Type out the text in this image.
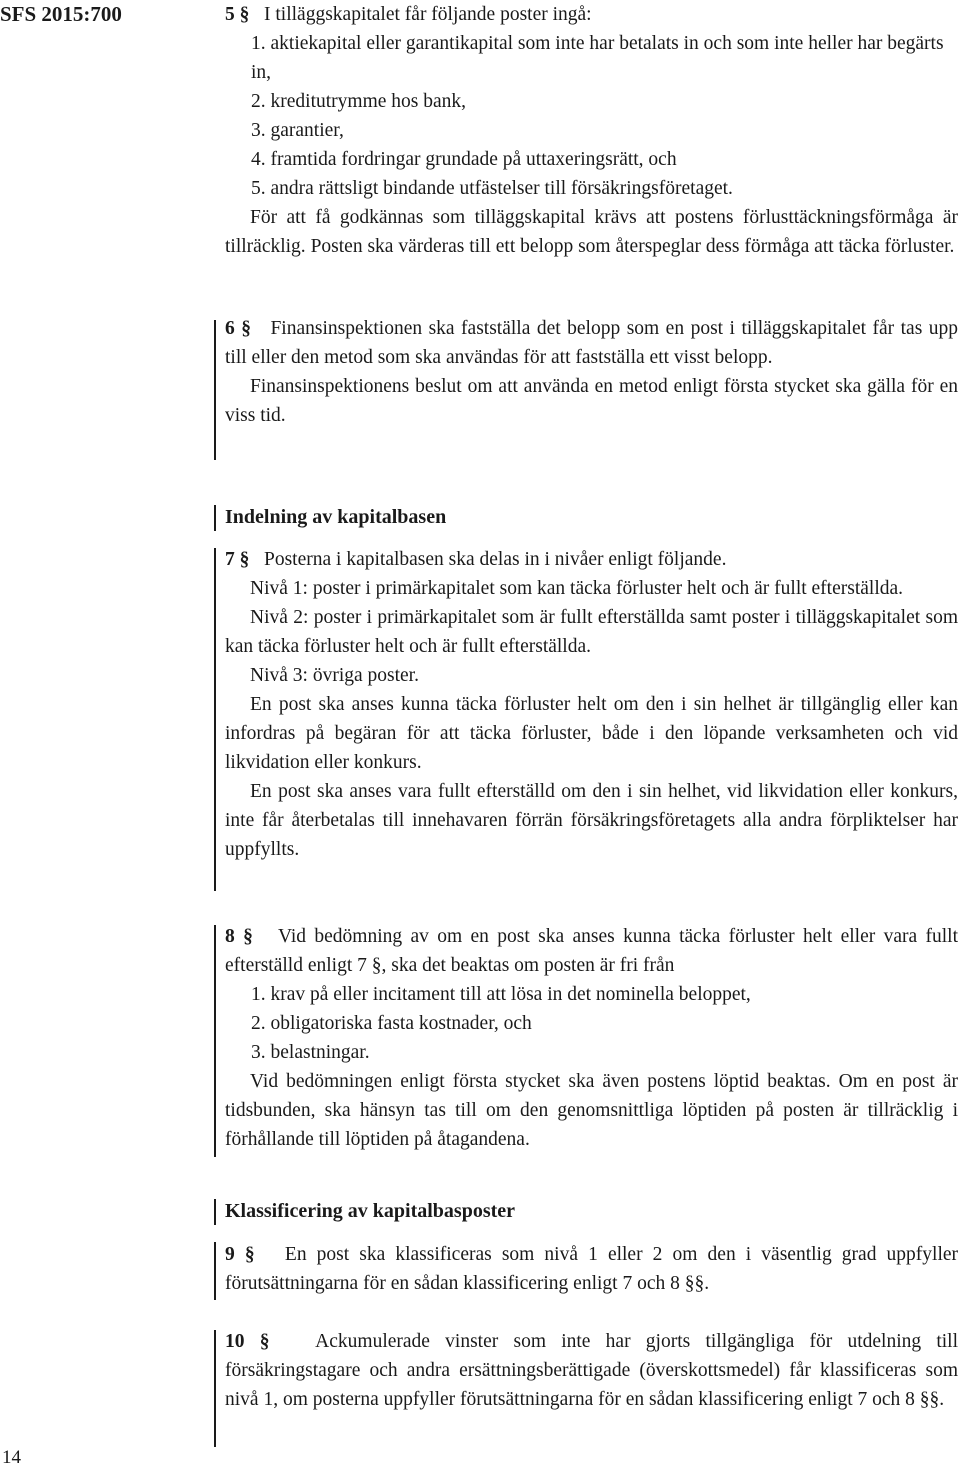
SFS 2015:700
14

5 § I tilläggskapitalet får följande poster ingå:

1. aktiekapital eller garantikapital som inte har betalats in och som inte heller har begärts in,

2. kreditutrymme hos bank,

3. garantier,

4. framtida fordringar grundade på uttaxeringsrätt, och

5. andra rättsligt bindande utfästelser till försäkringsföretaget.

För att få godkännas som tilläggskapital krävs att postens förlusttäckningsförmåga är tillräcklig. Posten ska värderas till ett belopp som återspeglar dess förmåga att täcka förluster.

6 § Finansinspektionen ska fastställa det belopp som en post i tilläggskapitalet får tas upp till eller den metod som ska användas för att fastställa ett visst belopp.

Finansinspektionens beslut om att använda en metod enligt första stycket ska gälla för en viss tid.

Indelning av kapitalbasen

7 § Posterna i kapitalbasen ska delas in i nivåer enligt följande.

Nivå 1: poster i primärkapitalet som kan täcka förluster helt och är fullt efterställda.

Nivå 2: poster i primärkapitalet som är fullt efterställda samt poster i tilläggskapitalet som kan täcka förluster helt och är fullt efterställda.

Nivå 3: övriga poster.

En post ska anses kunna täcka förluster helt om den i sin helhet är tillgänglig eller kan infordras på begäran för att täcka förluster, både i den löpande verksamheten och vid likvidation eller konkurs.

En post ska anses vara fullt efterställd om den i sin helhet, vid likvidation eller konkurs, inte får återbetalas till innehavaren förrän försäkringsföretagets alla andra förpliktelser har uppfyllts.

8 § Vid bedömning av om en post ska anses kunna täcka förluster helt eller vara fullt efterställd enligt 7 §, ska det beaktas om posten är fri från

1. krav på eller incitament till att lösa in det nominella beloppet,

2. obligatoriska fasta kostnader, och

3. belastningar.

Vid bedömningen enligt första stycket ska även postens löptid beaktas. Om en post är tidsbunden, ska hänsyn tas till om den genomsnittliga löptiden på posten är tillräcklig i förhållande till löptiden på åtagandena.

Klassificering av kapitalbasposter

9 § En post ska klassificeras som nivå 1 eller 2 om den i väsentlig grad uppfyller förutsättningarna för en sådan klassificering enligt 7 och 8 §§.

10 § Ackumulerade vinster som inte har gjorts tillgängliga för utdelning till försäkringstagare och andra ersättningsberättigade (överskottsmedel) får klassificeras som nivå 1, om posterna uppfyller förutsättningarna för en sådan klassificering enligt 7 och 8 §§.
